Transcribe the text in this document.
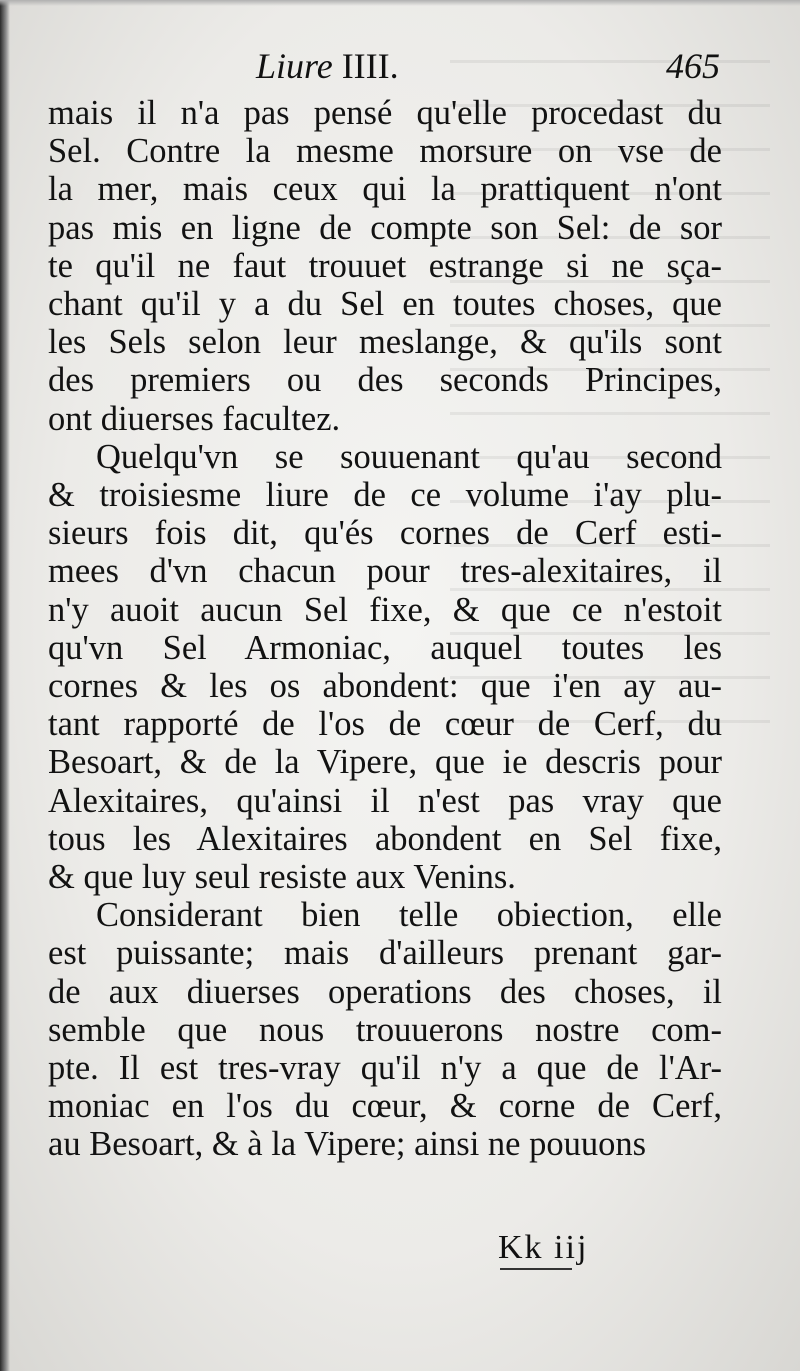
Liure IIII.	465

mais il n'a pas pensé qu'elle procedast du
Sel. Contre la mesme morsure on vse de
la mer, mais ceux qui la prattiquent n'ont
pas mis en ligne de compte son Sel: de sor
te qu'il ne faut trouuet estrange si ne sça-
chant qu'il y a du Sel en toutes choses, que
les Sels selon leur meslange, & qu'ils sont
des premiers ou des seconds Principes,
ont diuerses facultez.

Quelqu'vn se souuenant qu'au second
& troisiesme liure de ce volume i'ay plu-
sieurs fois dit, qu'és cornes de Cerf esti-
mees d'vn chacun pour tres-alexitaires, il
n'y auoit aucun Sel fixe, & que ce n'estoit
qu'vn Sel Armoniac, auquel toutes les
cornes & les os abondent: que i'en ay au-
tant rapporté de l'os de cœur de Cerf, du
Besoart, & de la Vipere, que ie descris pour
Alexitaires, qu'ainsi il n'est pas vray que
tous les Alexitaires abondent en Sel fixe,
& que luy seul resiste aux Venins.

Considerant bien telle obiection, elle
est puissante; mais d'ailleurs prenant gar-
de aux diuerses operations des choses, il
semble que nous trouuerons nostre com-
pte. Il est tres-vray qu'il n'y a que de l'Ar-
moniac en l'os du cœur, & corne de Cerf,
au Besoart, & à la Vipere; ainsi ne pouuons

Kk iij
